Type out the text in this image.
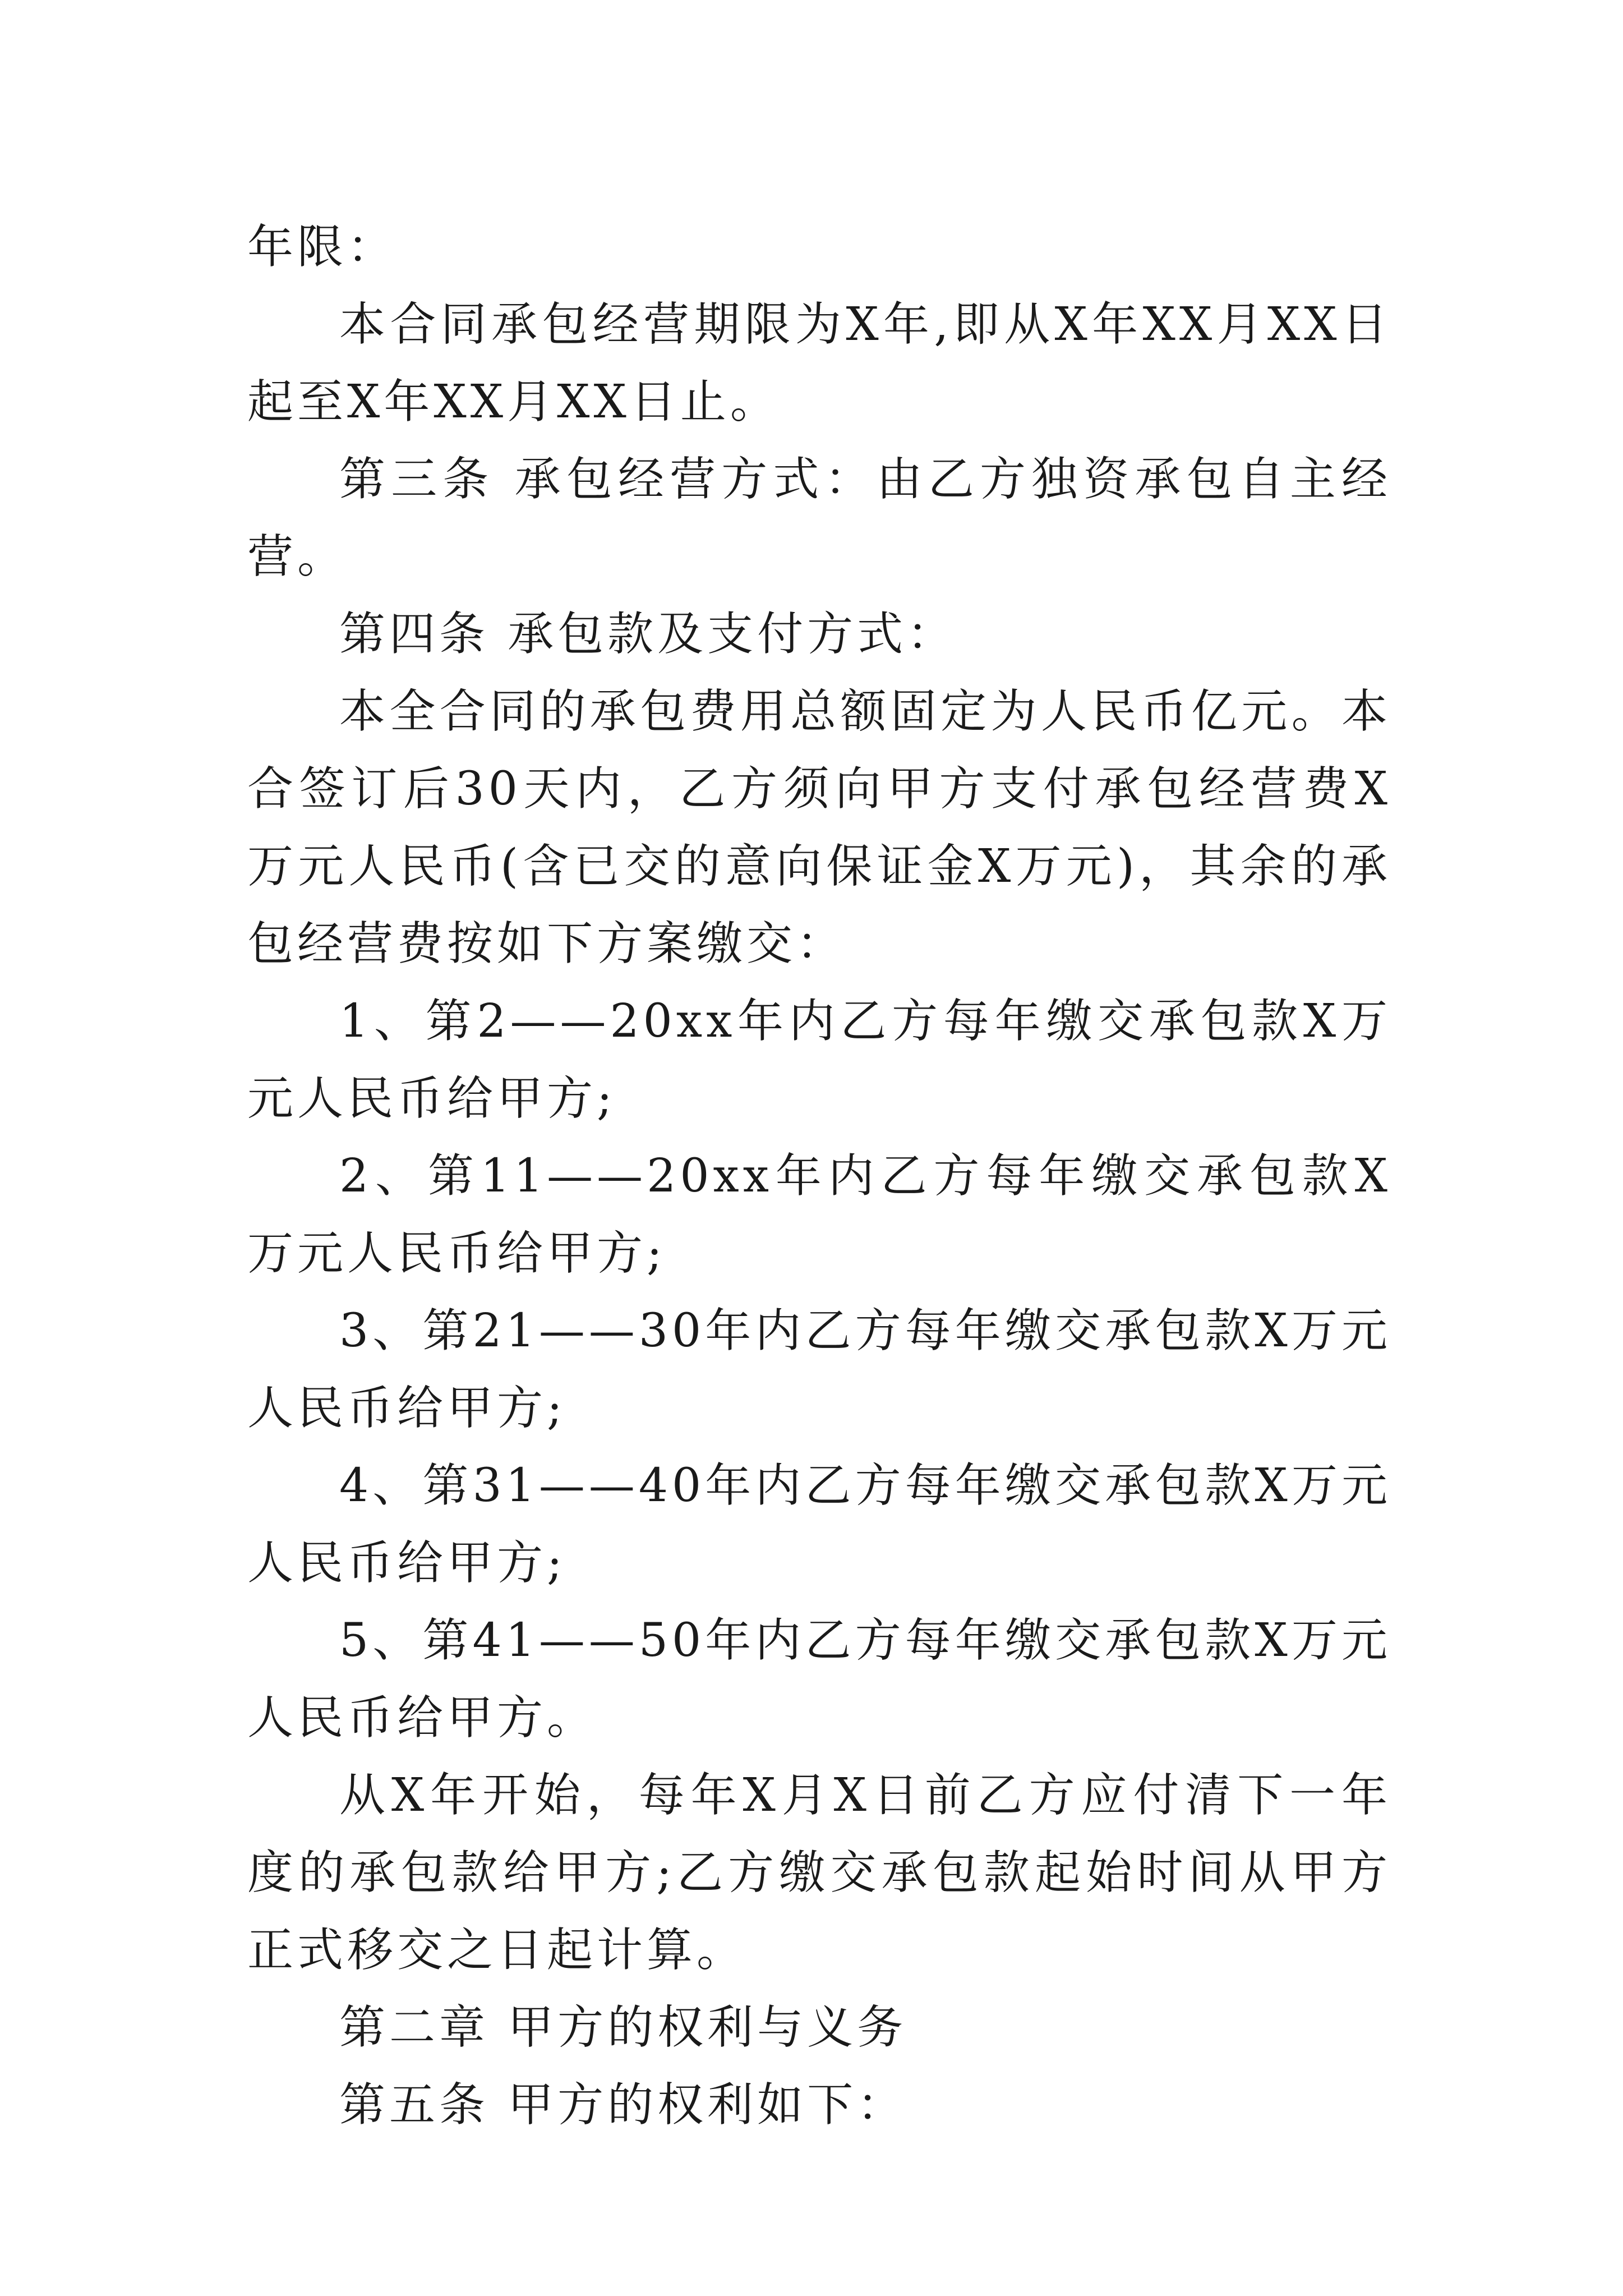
年限：

本合同承包经营期限为X年,即从X年XX月XX日起至X年XX月XX日止。

第三条 承包经营方式：由乙方独资承包自主经营。

第四条 承包款及支付方式：

本全合同的承包费用总额固定为人民币亿元。本合签订后30天内，乙方须向甲方支付承包经营费X万元人民币(含已交的意向保证金X万元)，其余的承包经营费按如下方案缴交：

1、第2——20xx年内乙方每年缴交承包款X万元人民币给甲方;

2、第11——20xx年内乙方每年缴交承包款X万元人民币给甲方;

3、第21——30年内乙方每年缴交承包款X万元人民币给甲方;

4、第31——40年内乙方每年缴交承包款X万元人民币给甲方;

5、第41——50年内乙方每年缴交承包款X万元人民币给甲方。

从X年开始，每年X月X日前乙方应付清下一年度的承包款给甲方;乙方缴交承包款起始时间从甲方正式移交之日起计算。

第二章 甲方的权利与义务

第五条 甲方的权利如下：
